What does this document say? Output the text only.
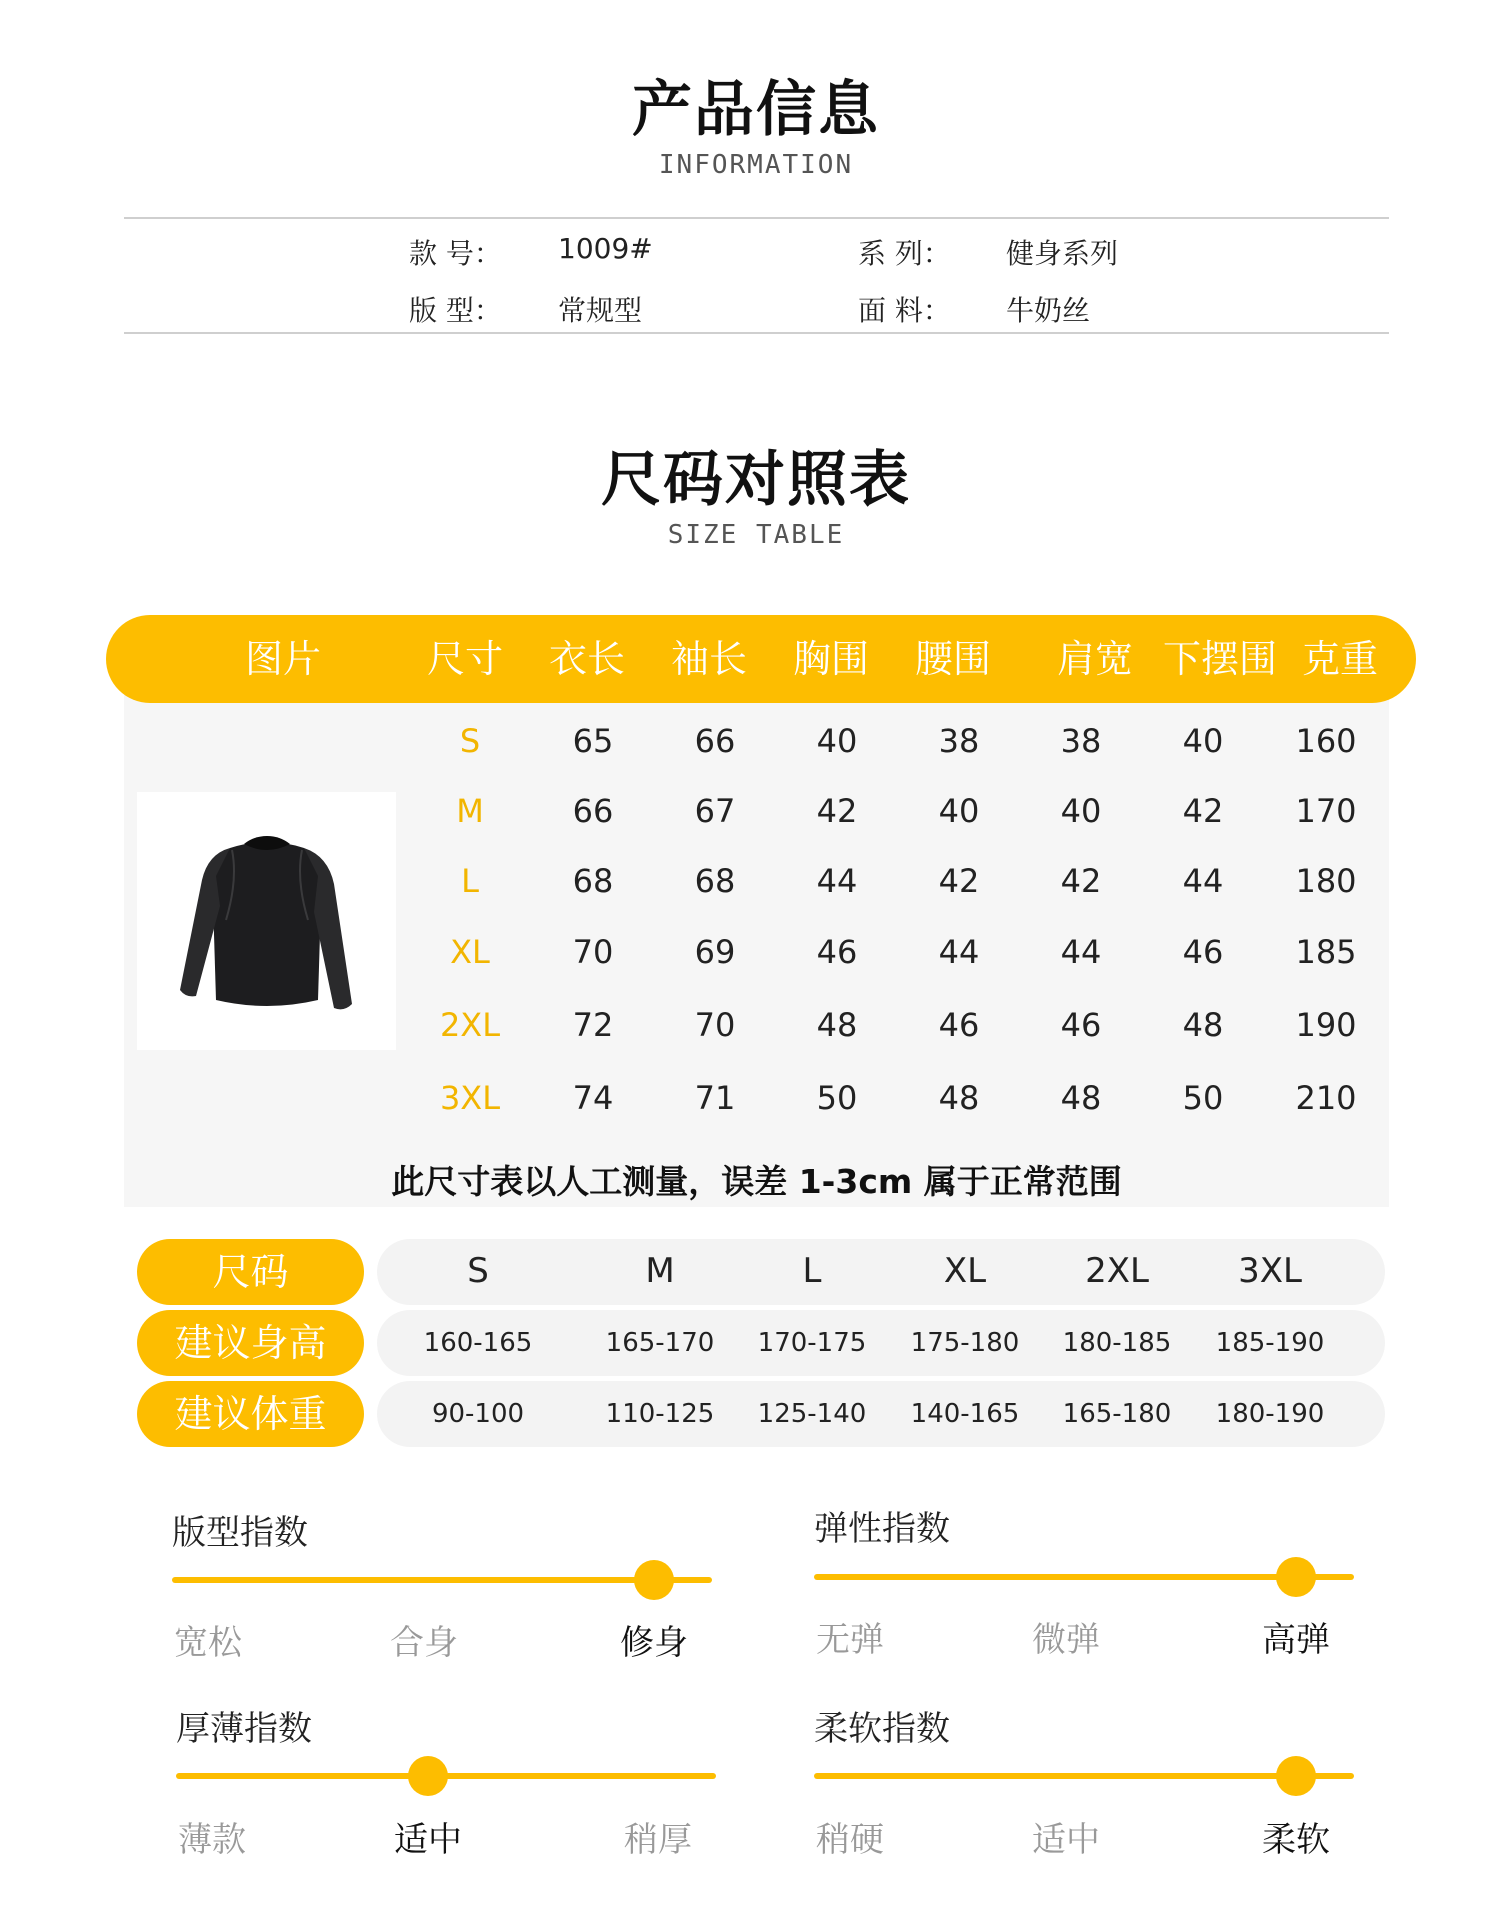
产品信息
INFORMATION
款 号： 1009#	系 列： 健身系列
版 型： 常规型	面 料： 牛奶丝
尺码对照表
SIZE TABLE
图片	尺寸	衣长	袖长	胸围	腰围	肩宽 下摆围 克重
S	65	66	40	38	38	40	160
M	66	67	42	40	40	42	170
L	68	68	44	42	42	44	180
XL	70	69	46	44	44	46	185
2XL	72	70	48	46	46	48	190
3XL	74	71	50	48	48	50	210
此尺寸表以人工测量，误差 1-3cm 属于正常范围
尺码	S	M	L	XL	2XL	3XL
建议身高	160-165	165-170	170-175	175-180	180-185	185-190
建议体重	90-100	110-125	125-140	140-165	165-180	180-190
版型指数
宽松	合身	修身
弹性指数
无弹	微弹	高弹
厚薄指数
薄款	适中	稍厚
柔软指数
稍硬	适中	柔软
